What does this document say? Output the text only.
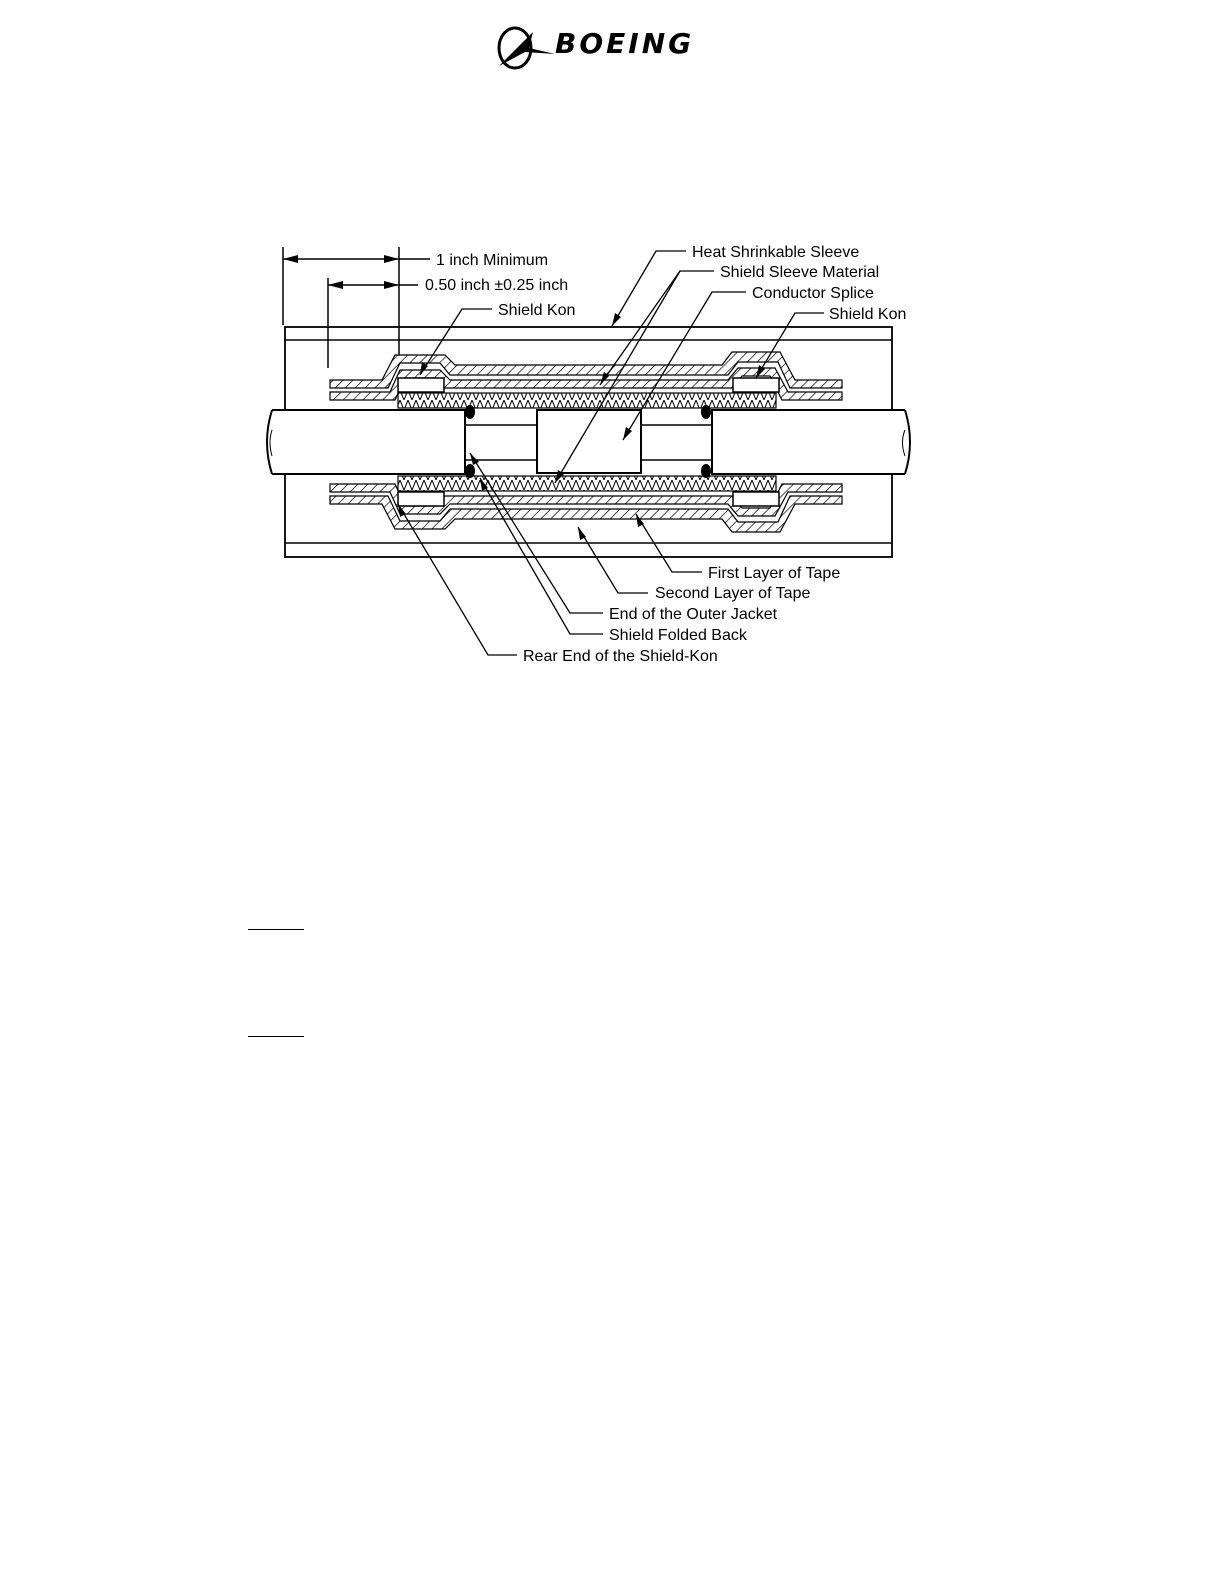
BOEING
1 inch Minimum
0.50 inch ±0.25 inch
Shield Kon
Heat Shrinkable Sleeve
Shield Sleeve Material
Conductor Splice
Shield Kon
First Layer of Tape
Second Layer of Tape
End of the Outer Jacket
Shield Folded Back
Rear End of the Shield-Kon
